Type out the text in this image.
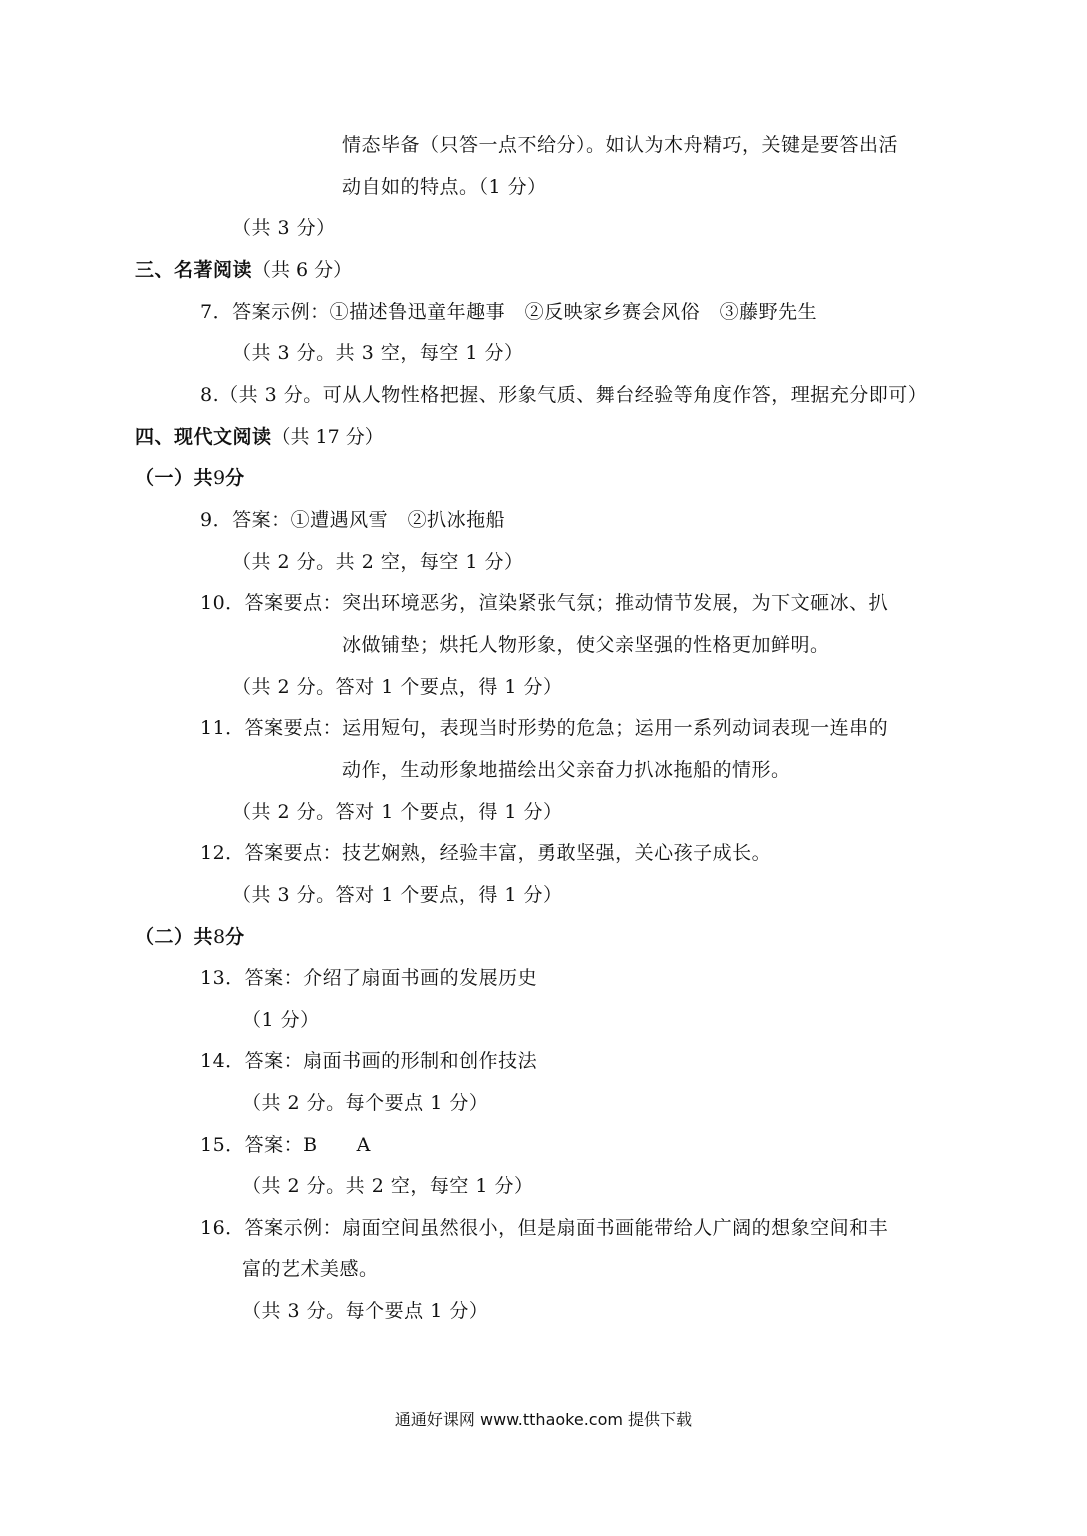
情态毕备（只答一点不给分）。如认为木舟精巧，关键是要答出活
动自如的特点。（1 分）
（共 3 分）
三、名著阅读（共 6 分）
7．答案示例：①描述鲁迅童年趣事　②反映家乡赛会风俗　③藤野先生
（共 3 分。共 3 空，每空 1 分）
8.（共 3 分。可从人物性格把握、形象气质、舞台经验等角度作答，理据充分即可）
四、现代文阅读（共 17 分）
（一）共9分
9．答案：①遭遇风雪　②扒冰拖船
（共 2 分。共 2 空，每空 1 分）
10．答案要点：突出环境恶劣，渲染紧张气氛；推动情节发展，为下文砸冰、扒
冰做铺垫；烘托人物形象，使父亲坚强的性格更加鲜明。
（共 2 分。答对 1 个要点，得 1 分）
11．答案要点：运用短句，表现当时形势的危急；运用一系列动词表现一连串的
动作，生动形象地描绘出父亲奋力扒冰拖船的情形。
（共 2 分。答对 1 个要点，得 1 分）
12．答案要点：技艺娴熟，经验丰富，勇敢坚强，关心孩子成长。
（共 3 分。答对 1 个要点，得 1 分）
（二）共8分
13．答案：介绍了扇面书画的发展历史
（1 分）
14．答案：扇面书画的形制和创作技法
（共 2 分。每个要点 1 分）
15．答案：B　　A
（共 2 分。共 2 空，每空 1 分）
16．答案示例：扇面空间虽然很小，但是扇面书画能带给人广阔的想象空间和丰
富的艺术美感。
（共 3 分。每个要点 1 分）
通通好课网 www.tthaoke.com 提供下载
